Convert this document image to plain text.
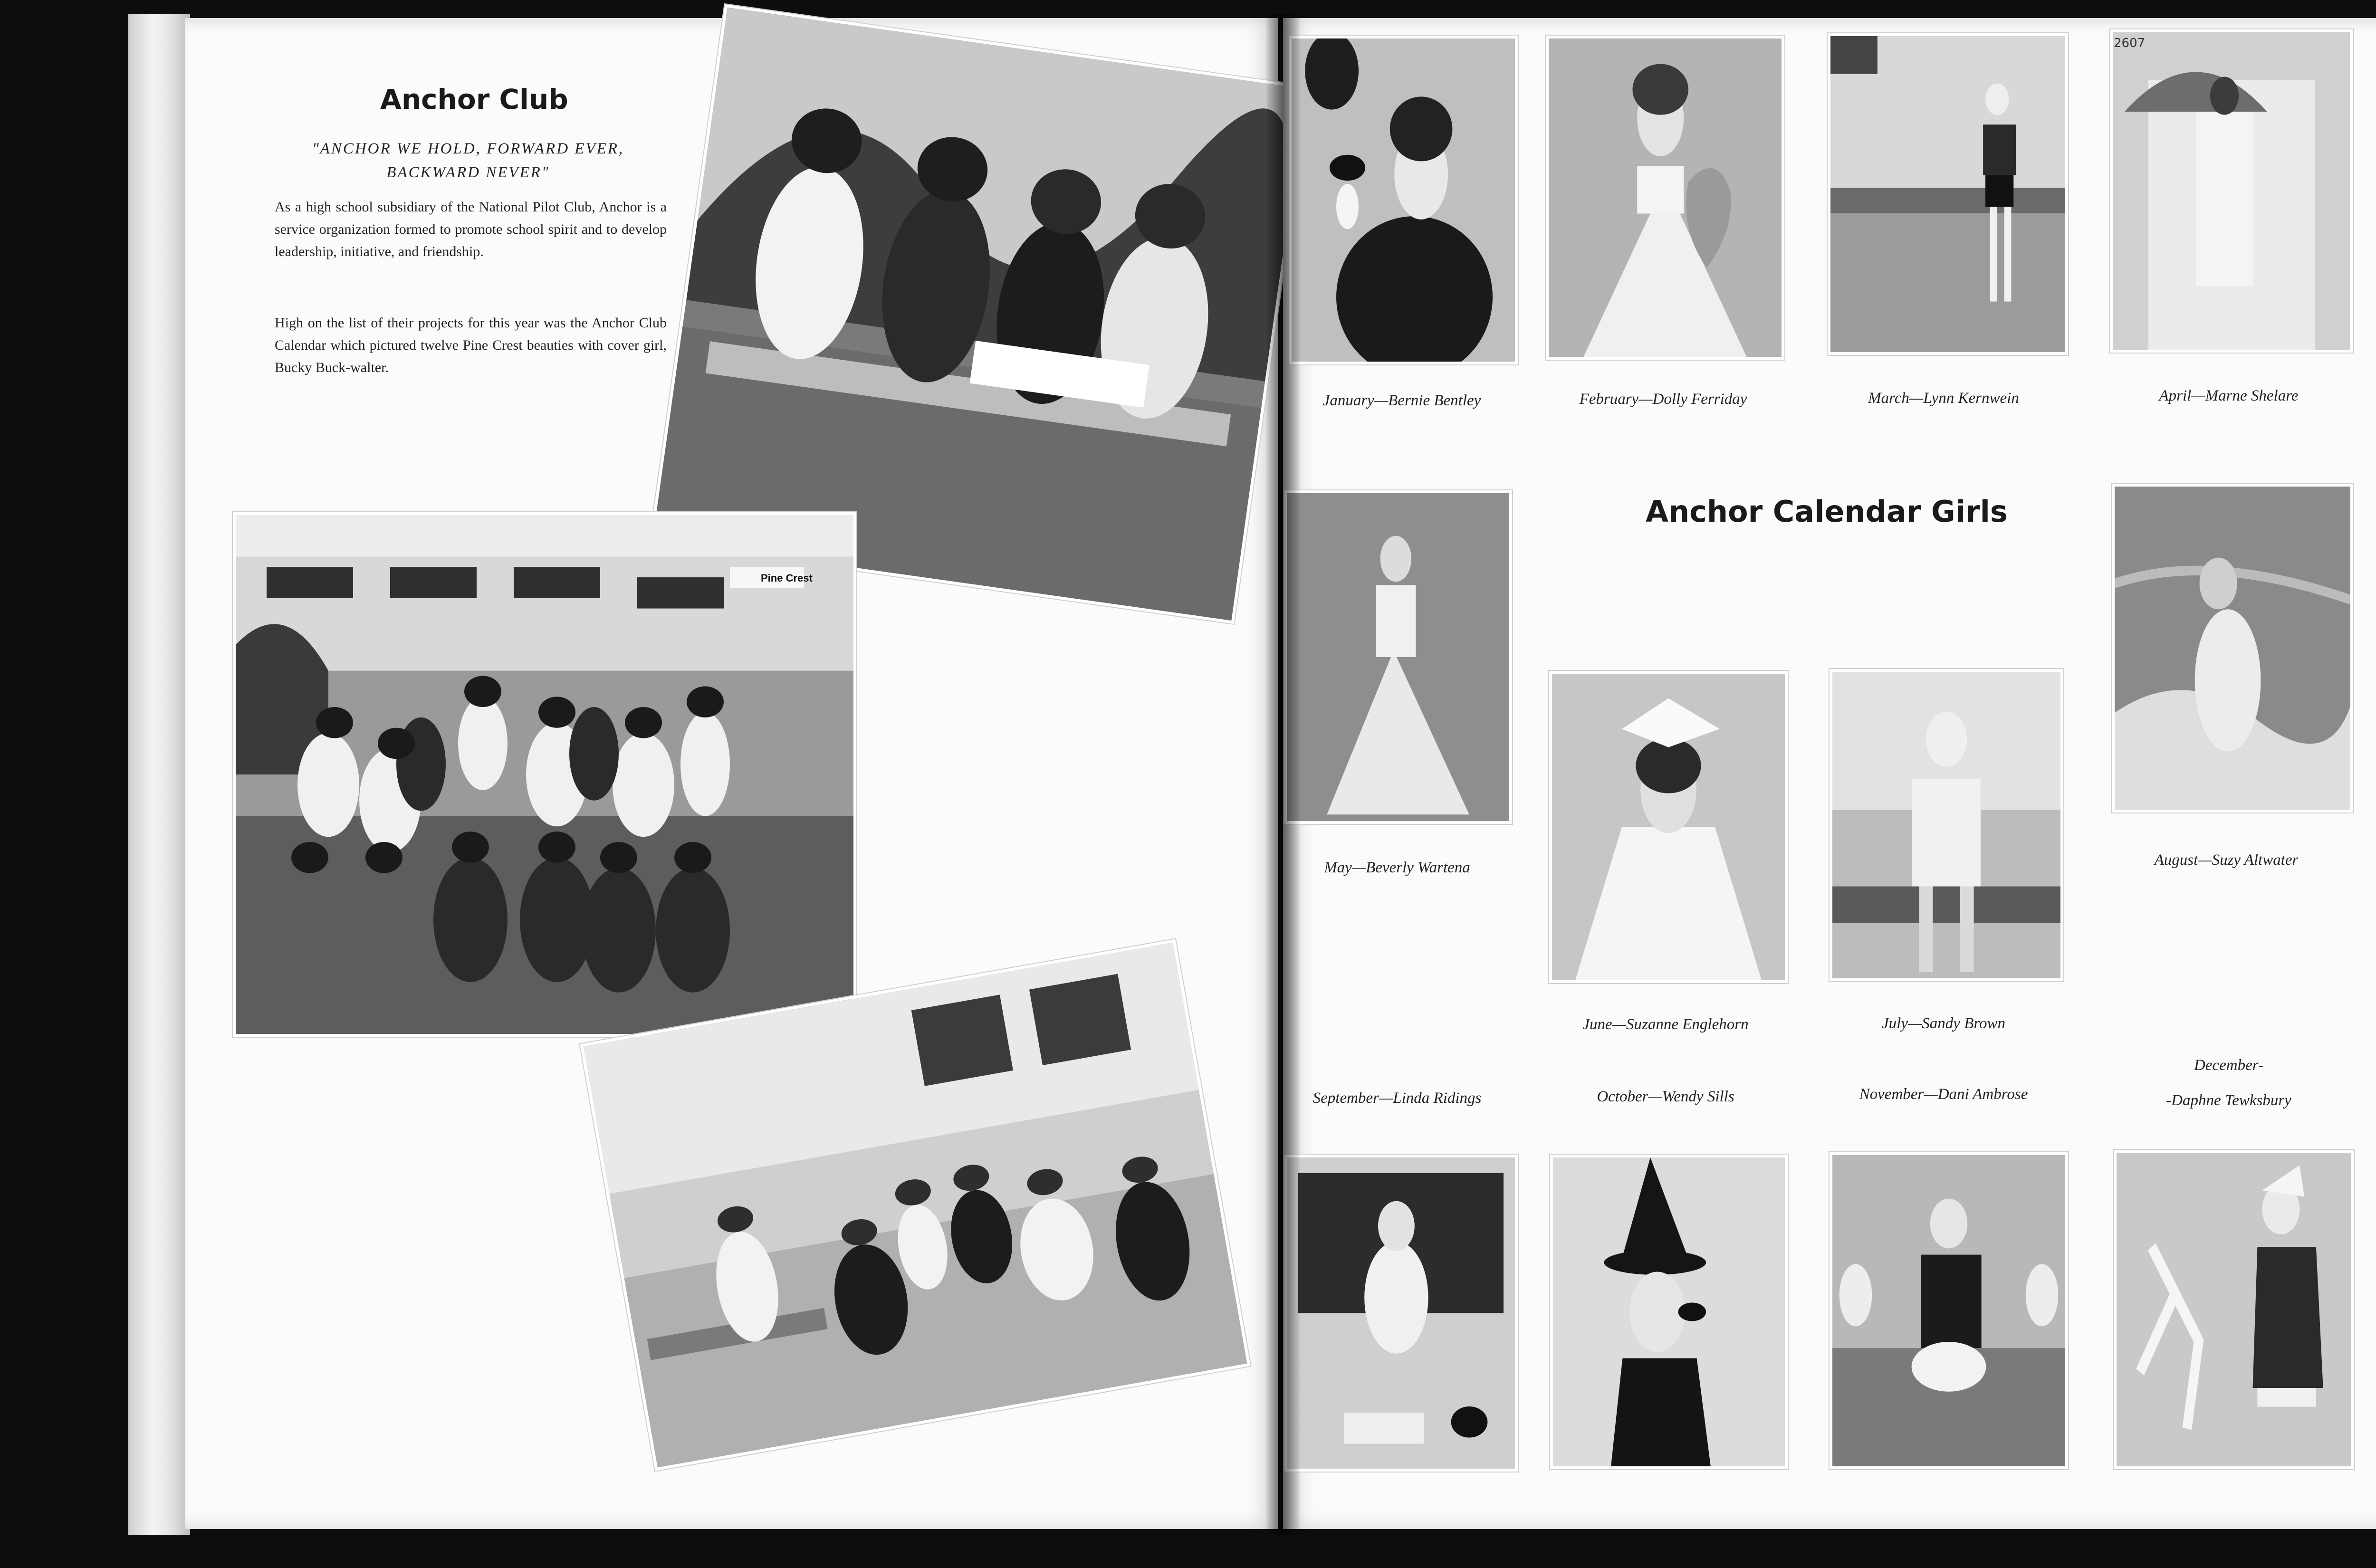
Anchor Club
"ANCHOR WE HOLD, FORWARD EVER,
BACKWARD NEVER"

As a high school subsidiary of the National Pilot Club, Anchor is a service organization formed to promote school spirit and to develop leadership, initiative, and friendship.

High on the list of their projects for this year was the Anchor Club Calendar which pictured twelve Pine Crest beauties with cover girl, Bucky Buck-walter.

Pine Crest
Anchor Calendar Girls
2607
January—Bernie Bentley	February—Dolly Ferriday	March—Lynn Kernwein	April—Marne Shelare
May—Beverly Wartena	August—Suzy Altwater
June—Suzanne Englehorn	July—Sandy Brown
September—Linda Ridings	October—Wendy Sills	November—Dani Ambrose
December-
-Daphne Tewksbury
